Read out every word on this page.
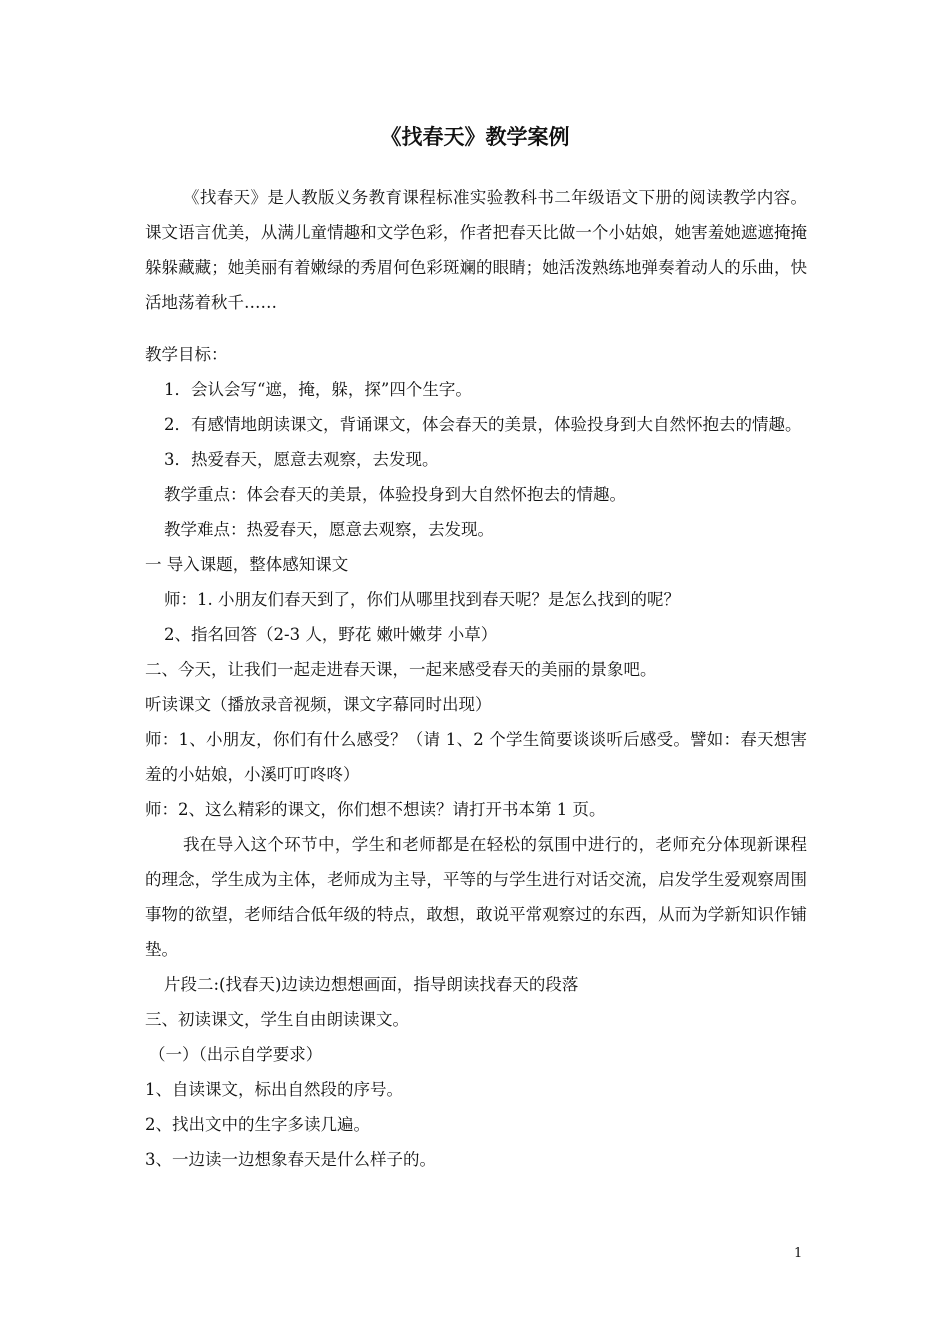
《找春天》教学案例

《找春天》是人教版义务教育课程标准实验教科书二年级语文下册的阅读教学内容。课文语言优美，从满儿童情趣和文学色彩，作者把春天比做一个小姑娘，她害羞她遮遮掩掩躲躲藏藏；她美丽有着嫩绿的秀眉何色彩斑斓的眼睛；她活泼熟练地弹奏着动人的乐曲，快活地荡着秋千……

教学目标：

1．会认会写“遮，掩，躲，探”四个生字。

2．有感情地朗读课文，背诵课文，体会春天的美景，体验投身到大自然怀抱去的情趣。

3．热爱春天，愿意去观察，去发现。

教学重点：体会春天的美景，体验投身到大自然怀抱去的情趣。

教学难点：热爱春天，愿意去观察，去发现。

一 导入课题，整体感知课文

师：1. 小朋友们春天到了，你们从哪里找到春天呢？是怎么找到的呢？

2、指名回答（2-3 人，野花 嫩叶嫩芽 小草）

二、今天，让我们一起走进春天课，一起来感受春天的美丽的景象吧。

听读课文（播放录音视频，课文字幕同时出现）

师：1、小朋友，你们有什么感受？（请 1、2 个学生简要谈谈听后感受。譬如：春天想害羞的小姑娘，小溪叮叮咚咚）

师：2、这么精彩的课文，你们想不想读？请打开书本第 1 页。

我在导入这个环节中，学生和老师都是在轻松的氛围中进行的，老师充分体现新课程的理念，学生成为主体，老师成为主导，平等的与学生进行对话交流，启发学生爱观察周围事物的欲望，老师结合低年级的特点，敢想，敢说平常观察过的东西，从而为学新知识作铺垫。

片段二:(找春天)边读边想想画面，指导朗读找春天的段落

三、初读课文，学生自由朗读课文。

（一）（出示自学要求）

1、自读课文，标出自然段的序号。

2、找出文中的生字多读几遍。

3、一边读一边想象春天是什么样子的。

1
